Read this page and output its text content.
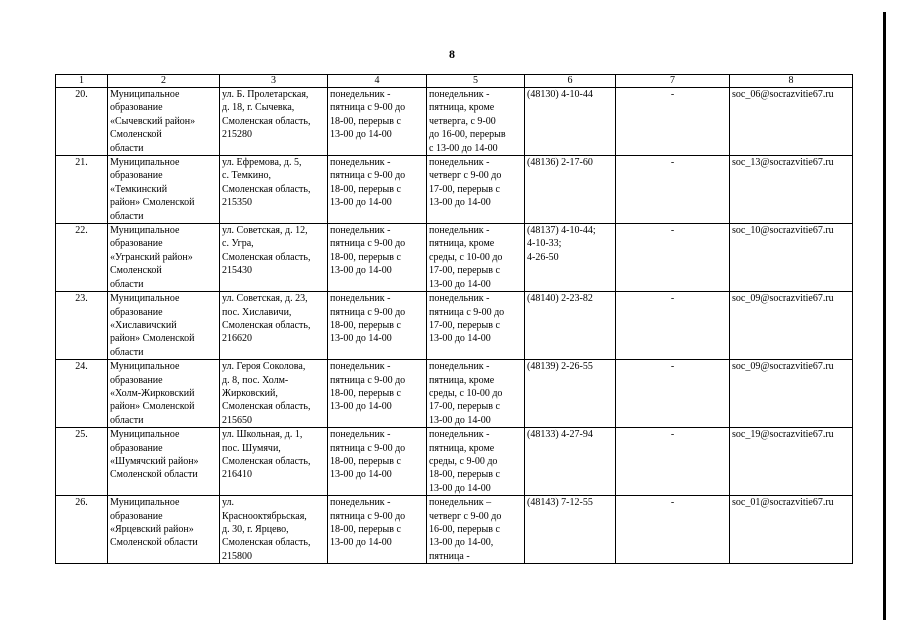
8
1	2	3	4	5	6	7	8
20.	Муниципальное
образование
«Сычевский район»
Смоленской
области	ул. Б. Пролетарская,
д. 18, г. Сычевка,
Смоленская область,
215280	понедельник -
пятница с 9-00 до
18-00, перерыв с
13-00 до 14-00	понедельник -
пятница, кроме
четверга, с 9-00
до 16-00, перерыв
с 13-00 до 14-00	(48130) 4-10-44	-	soc_06@socrazvitie67.ru
21.	Муниципальное
образование
«Темкинский
район» Смоленской
области	ул. Ефремова, д. 5,
с. Темкино,
Смоленская область,
215350	понедельник -
пятница с 9-00 до
18-00, перерыв с
13-00 до 14-00	понедельник -
четверг с 9-00 до
17-00, перерыв с
13-00 до 14-00	(48136) 2-17-60	-	soc_13@socrazvitie67.ru
22.	Муниципальное
образование
«Угранский район»
Смоленской
области	ул. Советская, д. 12,
с. Угра,
Смоленская область,
215430	понедельник -
пятница с 9-00 до
18-00, перерыв с
13-00 до 14-00	понедельник -
пятница, кроме
среды, с 10-00 до
17-00, перерыв с
13-00 до 14-00	(48137) 4-10-44;
4-10-33;
4-26-50	-	soc_10@socrazvitie67.ru
23.	Муниципальное
образование
«Хиславичский
район» Смоленской
области	ул. Советская, д. 23,
пос. Хиславичи,
Смоленская область,
216620	понедельник -
пятница с 9-00 до
18-00, перерыв с
13-00 до 14-00	понедельник -
пятница с 9-00 до
17-00, перерыв с
13-00 до 14-00	(48140) 2-23-82	-	soc_09@socrazvitie67.ru
24.	Муниципальное
образование
«Холм-Жирковский
район» Смоленской
области	ул. Героя Соколова,
д. 8, пос. Холм-
Жирковский,
Смоленская область,
215650	понедельник -
пятница с 9-00 до
18-00, перерыв с
13-00 до 14-00	понедельник -
пятница, кроме
среды, с 10-00 до
17-00, перерыв с
13-00 до 14-00	(48139) 2-26-55	-	soc_09@socrazvitie67.ru
25.	Муниципальное
образование
«Шумячский район»
Смоленской области	ул. Школьная, д. 1,
пос. Шумячи,
Смоленская область,
216410	понедельник -
пятница с 9-00 до
18-00, перерыв с
13-00 до 14-00	понедельник -
пятница, кроме
среды, с 9-00 до
18-00, перерыв с
13-00 до 14-00	(48133) 4-27-94	-	soc_19@socrazvitie67.ru
26.	Муниципальное
образование
«Ярцевский район»
Смоленской области	ул.
Краснооктябрьская,
д. 30, г. Ярцево,
Смоленская область,
215800	понедельник -
пятница с 9-00 до
18-00, перерыв с
13-00 до 14-00	понедельник –
четверг с 9-00 до
16-00, перерыв с
13-00 до 14-00,
пятница -	(48143) 7-12-55	-	soc_01@socrazvitie67.ru
